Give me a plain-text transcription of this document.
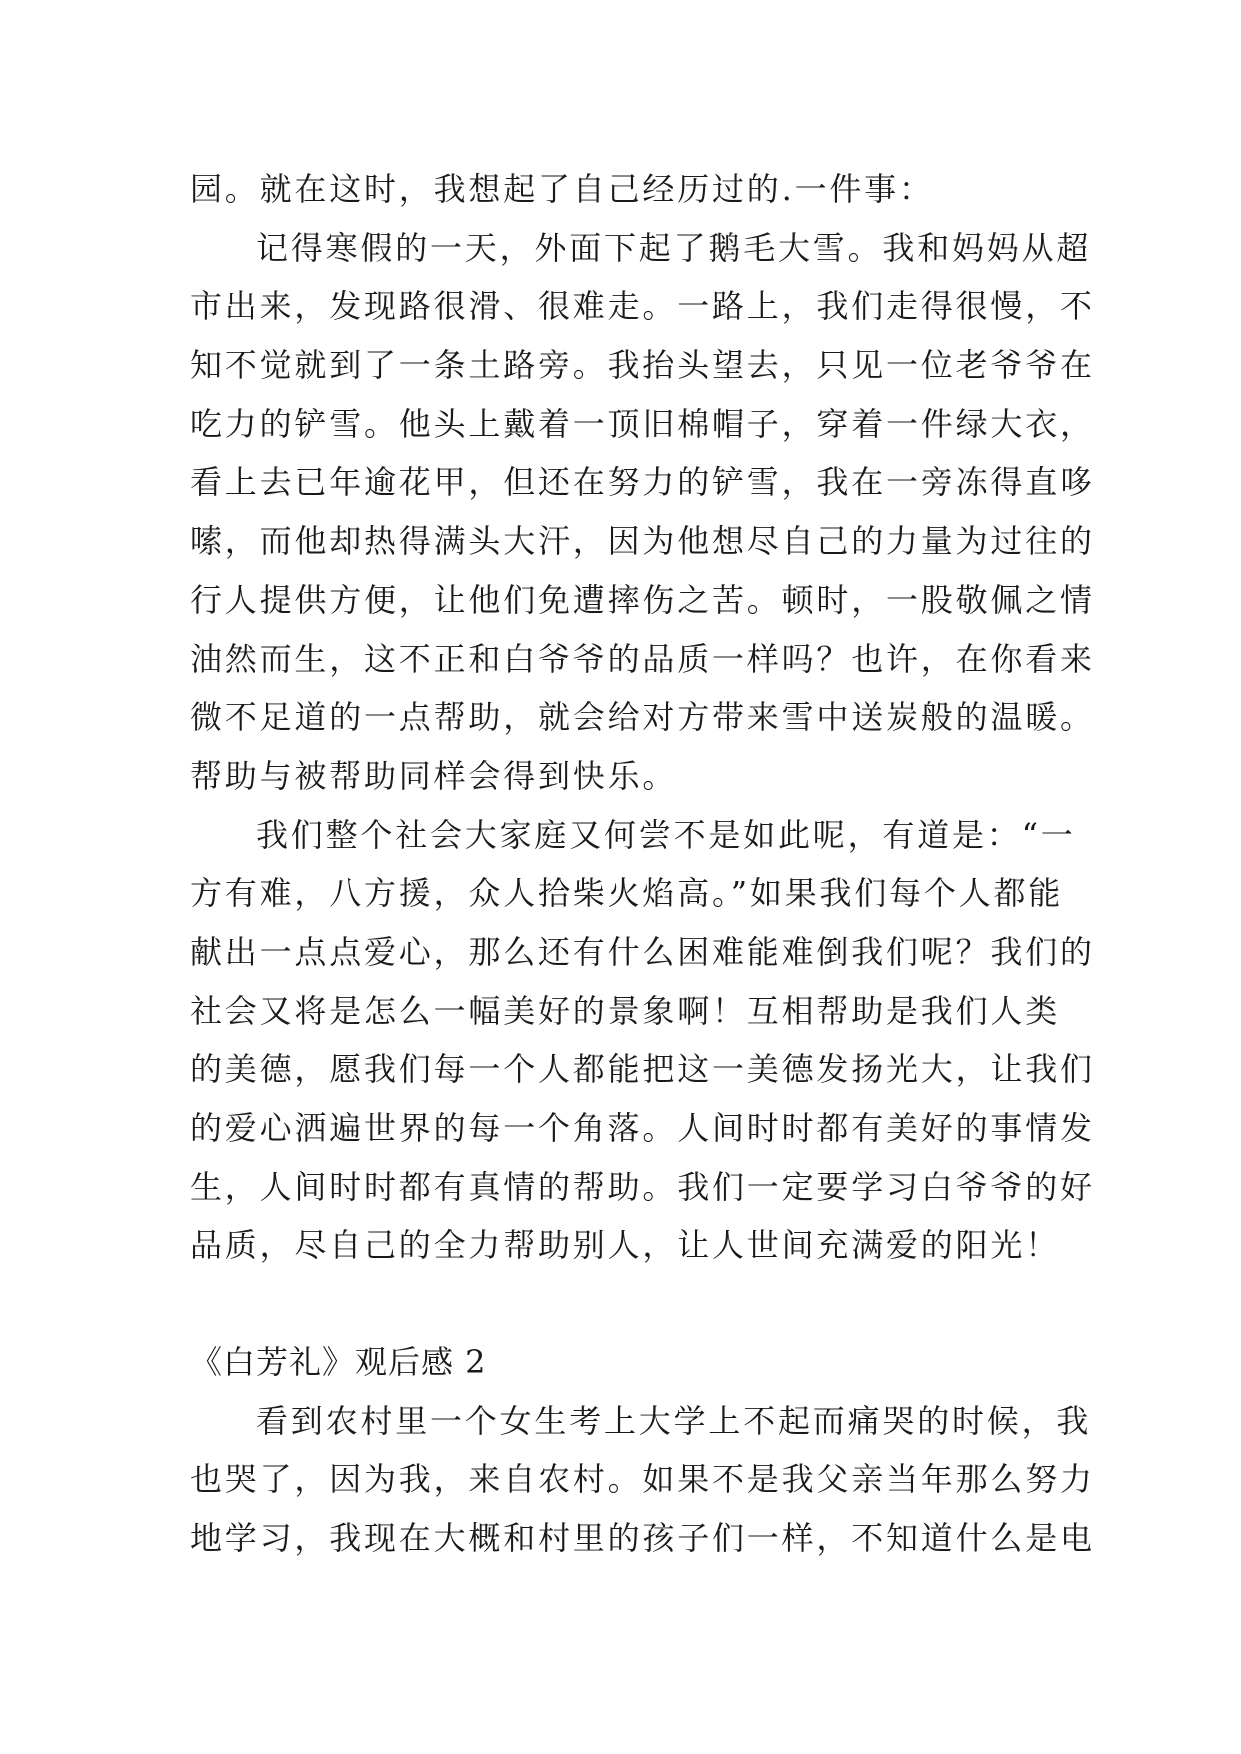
园。就在这时，我想起了自己经历过的.一件事：
记得寒假的一天，外面下起了鹅毛大雪。我和妈妈从超
市出来，发现路很滑、很难走。一路上，我们走得很慢，不
知不觉就到了一条土路旁。我抬头望去，只见一位老爷爷在
吃力的铲雪。他头上戴着一顶旧棉帽子，穿着一件绿大衣，
看上去已年逾花甲，但还在努力的铲雪，我在一旁冻得直哆
嗦，而他却热得满头大汗，因为他想尽自己的力量为过往的
行人提供方便，让他们免遭摔伤之苦。顿时，一股敬佩之情
油然而生，这不正和白爷爷的品质一样吗？也许，在你看来
微不足道的一点帮助，就会给对方带来雪中送炭般的温暖。
帮助与被帮助同样会得到快乐。
我们整个社会大家庭又何尝不是如此呢，有道是：“一
方有难，八方援，众人拾柴火焰高。”如果我们每个人都能
献出一点点爱心，那么还有什么困难能难倒我们呢？我们的
社会又将是怎么一幅美好的景象啊！互相帮助是我们人类
的美德，愿我们每一个人都能把这一美德发扬光大，让我们
的爱心洒遍世界的每一个角落。人间时时都有美好的事情发
生，人间时时都有真情的帮助。我们一定要学习白爷爷的好
品质，尽自己的全力帮助别人，让人世间充满爱的阳光！
《白芳礼》观后感 2
看到农村里一个女生考上大学上不起而痛哭的时候，我
也哭了，因为我，来自农村。如果不是我父亲当年那么努力
地学习，我现在大概和村里的孩子们一样，不知道什么是电
